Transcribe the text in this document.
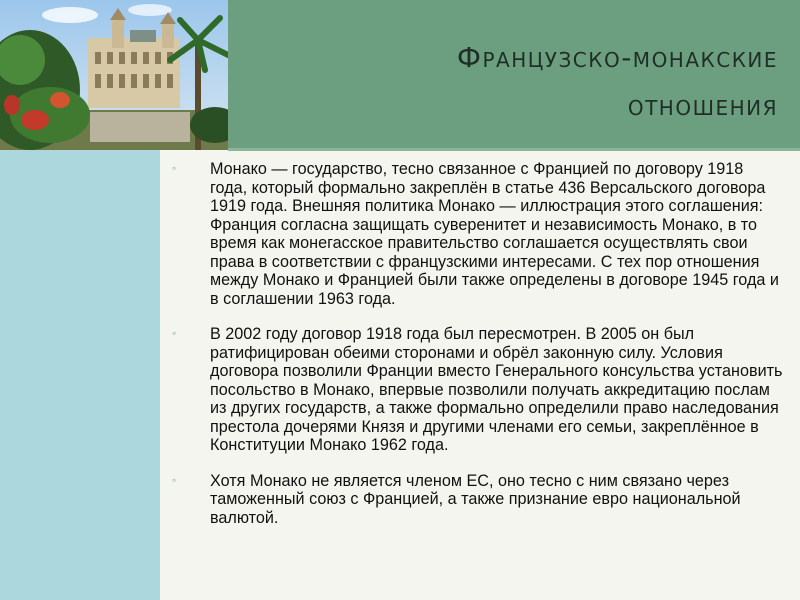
Французско-монакские
отношения
◦	Монако — государство, тесно связанное с Францией по договору 1918 года, который формально закреплён в статье 436 Версальского договора 1919 года. Внешняя политика Монако — иллюстрация этого соглашения: Франция согласна защищать суверенитет и независимость Монако, в то время как монегасское правительство соглашается осуществлять свои права в соответствии с французскими интересами. С тех пор отношения между Монако и Францией были также определены в договоре 1945 года и в соглашении 1963 года.
◦	В 2002 году договор 1918 года был пересмотрен. В 2005 он был ратифицирован обеими сторонами и обрёл законную силу. Условия договора позволили Франции вместо Генерального консульства установить посольство в Монако, впервые позволили получать аккредитацию послам из других государств, а также формально определили право наследования престола дочерями Князя и другими членами его семьи, закреплённое в Конституции Монако 1962 года.
◦	Хотя Монако не является членом ЕС, оно тесно с ним связано через таможенный союз с Францией, а также признание евро национальной валютой.
